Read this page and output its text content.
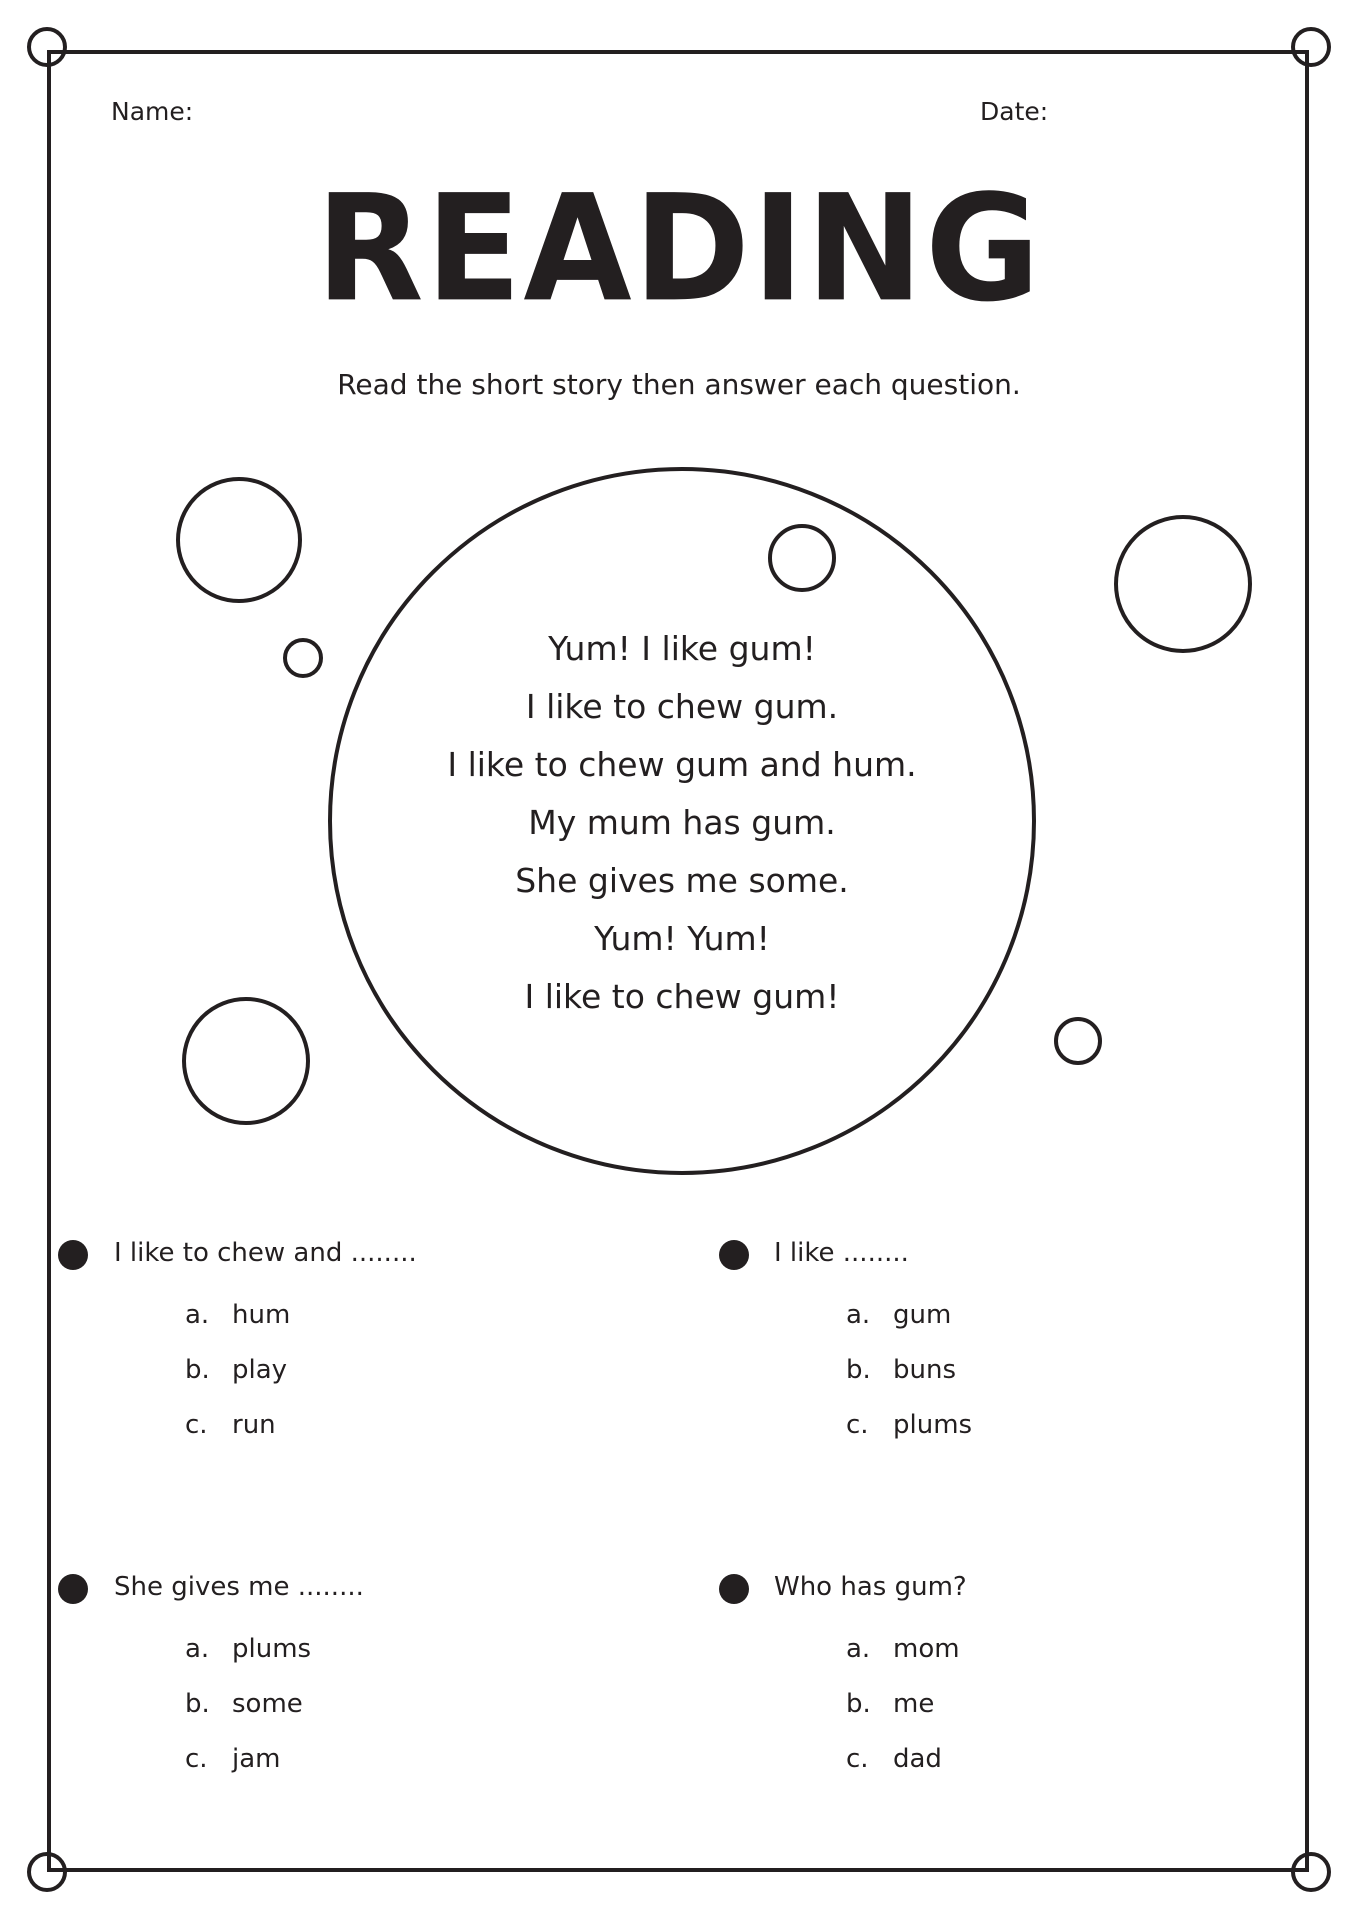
Name:	Date:
READING
Read the short story then answer each question.
Yum! I like gum!
I like to chew gum.
I like to chew gum and hum.
My mum has gum.
She gives me some.
Yum! Yum!
I like to chew gum!
I like to chew and ........
a. hum
b. play
c. run
I like ........
a. gum
b. buns
c. plums
She gives me ........
a. plums
b. some
c. jam
Who has gum?
a. mom
b. me
c. dad
